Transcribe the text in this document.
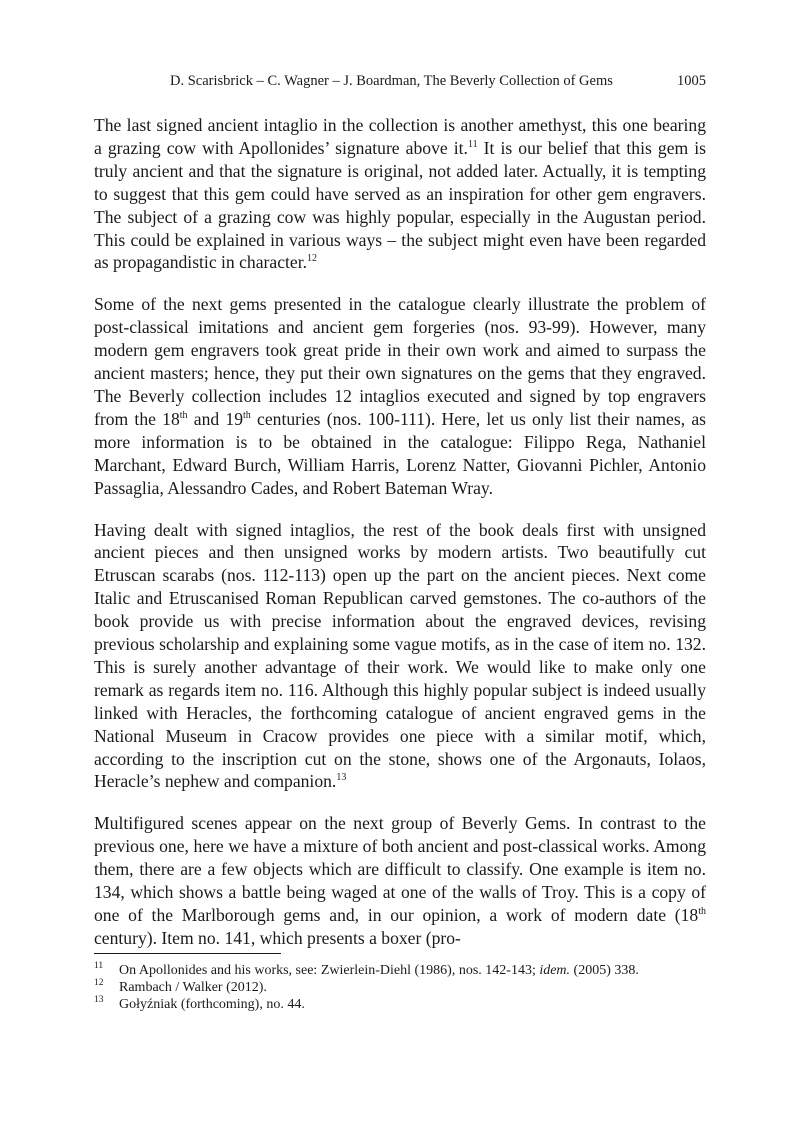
D. Scarisbrick – C. Wagner – J. Boardman, The Beverly Collection of Gems	1005

The last signed ancient intaglio in the collection is another amethyst, this one bearing a grazing cow with Apollonides’ signature above it.$^{11}$ It is our belief that this gem is truly ancient and that the signature is original, not added later. Actually, it is tempting to suggest that this gem could have served as an inspiration for other gem engravers. The subject of a grazing cow was highly popular, especially in the Augustan period. This could be explained in various ways – the subject might even have been regarded as propagandistic in character.$^{12}$

Some of the next gems presented in the catalogue clearly illustrate the problem of post-classical imitations and ancient gem forgeries (nos. 93-99). However, many modern gem engravers took great pride in their own work and aimed to surpass the ancient masters; hence, they put their own signatures on the gems that they engraved. The Beverly collection includes 12 intaglios executed and signed by top engravers from the 18th and 19th centuries (nos. 100-111). Here, let us only list their names, as more information is to be obtained in the catalogue: Filippo Rega, Nathaniel Marchant, Edward Burch, William Harris, Lorenz Natter, Giovanni Pichler, Antonio Passaglia, Alessandro Cades, and Robert Bateman Wray.

Having dealt with signed intaglios, the rest of the book deals first with unsigned ancient pieces and then unsigned works by modern artists. Two beautifully cut Etruscan scarabs (nos. 112-113) open up the part on the ancient pieces. Next come Italic and Etruscanised Roman Republican carved gemstones. The co-authors of the book provide us with precise information about the engraved devices, revising previous scholarship and explaining some vague motifs, as in the case of item no. 132. This is surely another advantage of their work. We would like to make only one remark as regards item no. 116. Although this highly popular subject is indeed usually linked with Heracles, the forthcoming catalogue of ancient engraved gems in the National Museum in Cracow provides one piece with a similar motif, which, according to the inscription cut on the stone, shows one of the Argonauts, Iolaos, Heracle’s nephew and companion.$^{13}$

Multifigured scenes appear on the next group of Beverly Gems. In contrast to the previous one, here we have a mixture of both ancient and post-classical works. Among them, there are a few objects which are difficult to classify. One example is item no. 134, which shows a battle being waged at one of the walls of Troy. This is a copy of one of the Marlborough gems and, in our opinion, a work of modern date (18th century). Item no. 141, which presents a boxer (pro-

11	On Apollonides and his works, see: Zwierlein-Diehl (1986), nos. 142-143; idem. (2005) 338.
12	Rambach / Walker (2012).
13	Gołyźniak (forthcoming), no. 44.
